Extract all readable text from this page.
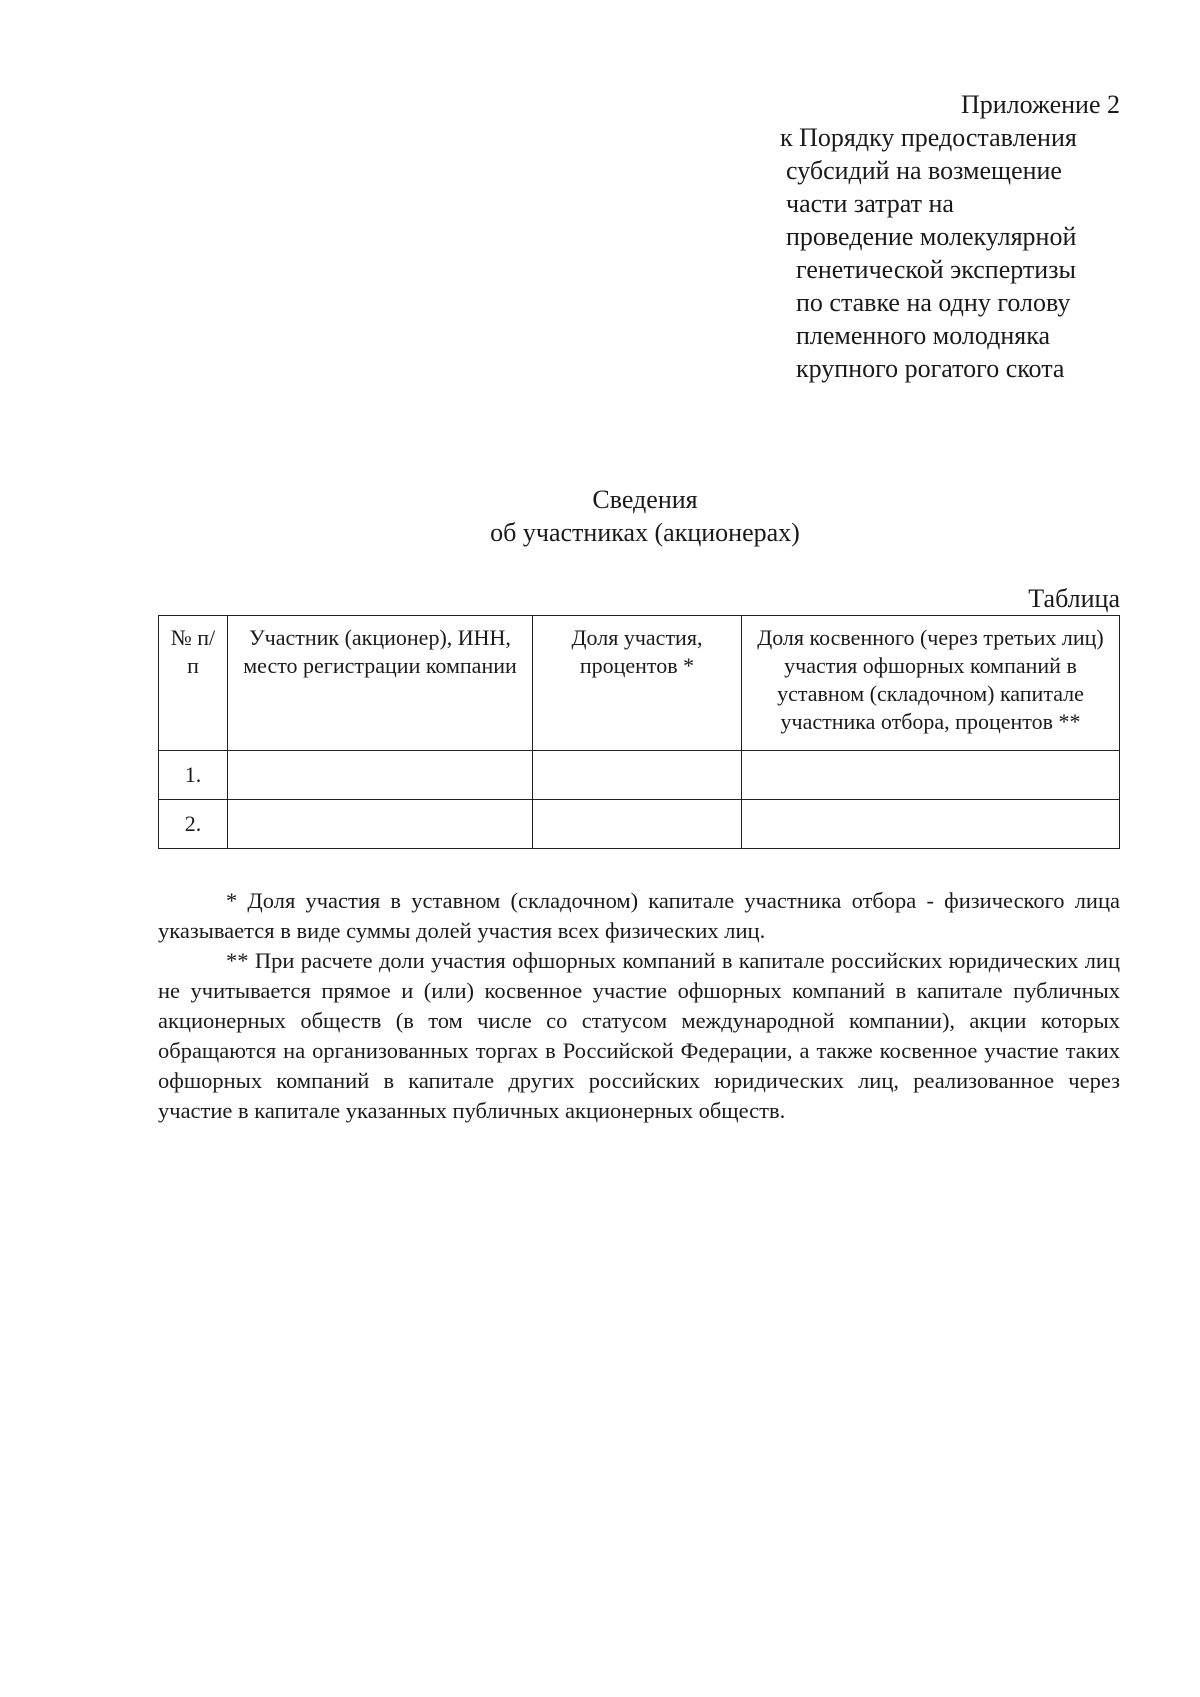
Приложение 2
к Порядку предоставления
субсидий на возмещение
части затрат на
проведение молекулярной
генетической экспертизы
по ставке на одну голову
племенного молодняка
крупного рогатого скота
Сведения
об участниках (акционерах)
Таблица
№ п/п	Участник (акционер), ИНН, место регистрации компании	Доля участия, процентов *	Доля косвенного (через третьих лиц) участия офшорных компаний в уставном (складочном) капитале участника отбора, процентов **
1.			
2.			

* Доля участия в уставном (складочном) капитале участника отбора - физического лица указывается в виде суммы долей участия всех физических лиц.

** При расчете доли участия офшорных компаний в капитале российских юридических лиц не учитывается прямое и (или) косвенное участие офшорных компаний в капитале публичных акционерных обществ (в том числе со статусом международной компании), акции которых обращаются на организованных торгах в Российской Федерации, а также косвенное участие таких офшорных компаний в капитале других российских юридических лиц, реализованное через участие в капитале указанных публичных акционерных обществ.
